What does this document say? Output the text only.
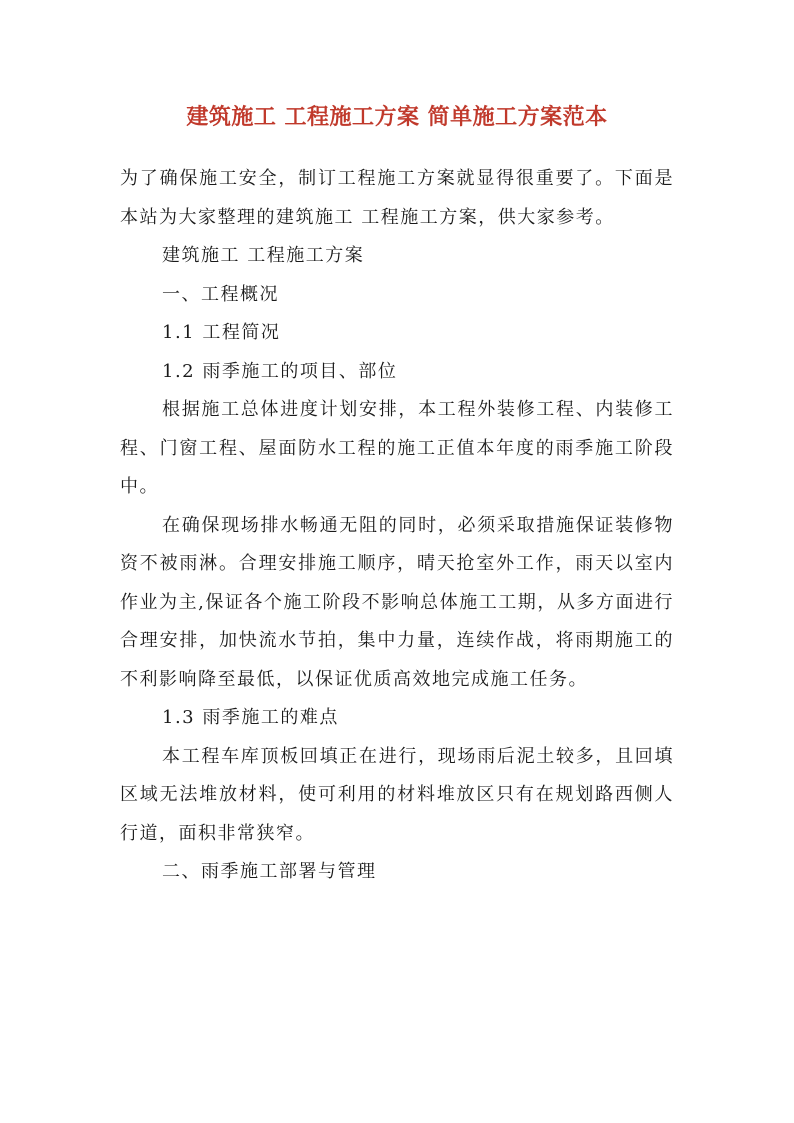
建筑施工 工程施工方案 简单施工方案范本

为了确保施工安全，制订工程施工方案就显得很重要了。下面是本站为大家整理的建筑施工 工程施工方案，供大家参考。

建筑施工 工程施工方案

一、工程概况

1.1 工程简况

1.2 雨季施工的项目、部位

根据施工总体进度计划安排，本工程外装修工程、内装修工程、门窗工程、屋面防水工程的施工正值本年度的雨季施工阶段中。

在确保现场排水畅通无阻的同时，必须采取措施保证装修物资不被雨淋。合理安排施工顺序，晴天抢室外工作，雨天以室内作业为主,保证各个施工阶段不影响总体施工工期，从多方面进行合理安排，加快流水节拍，集中力量，连续作战，将雨期施工的不利影响降至最低，以保证优质高效地完成施工任务。

1.3 雨季施工的难点

本工程车库顶板回填正在进行，现场雨后泥土较多，且回填区域无法堆放材料，使可利用的材料堆放区只有在规划路西侧人行道，面积非常狭窄。

二、雨季施工部署与管理
